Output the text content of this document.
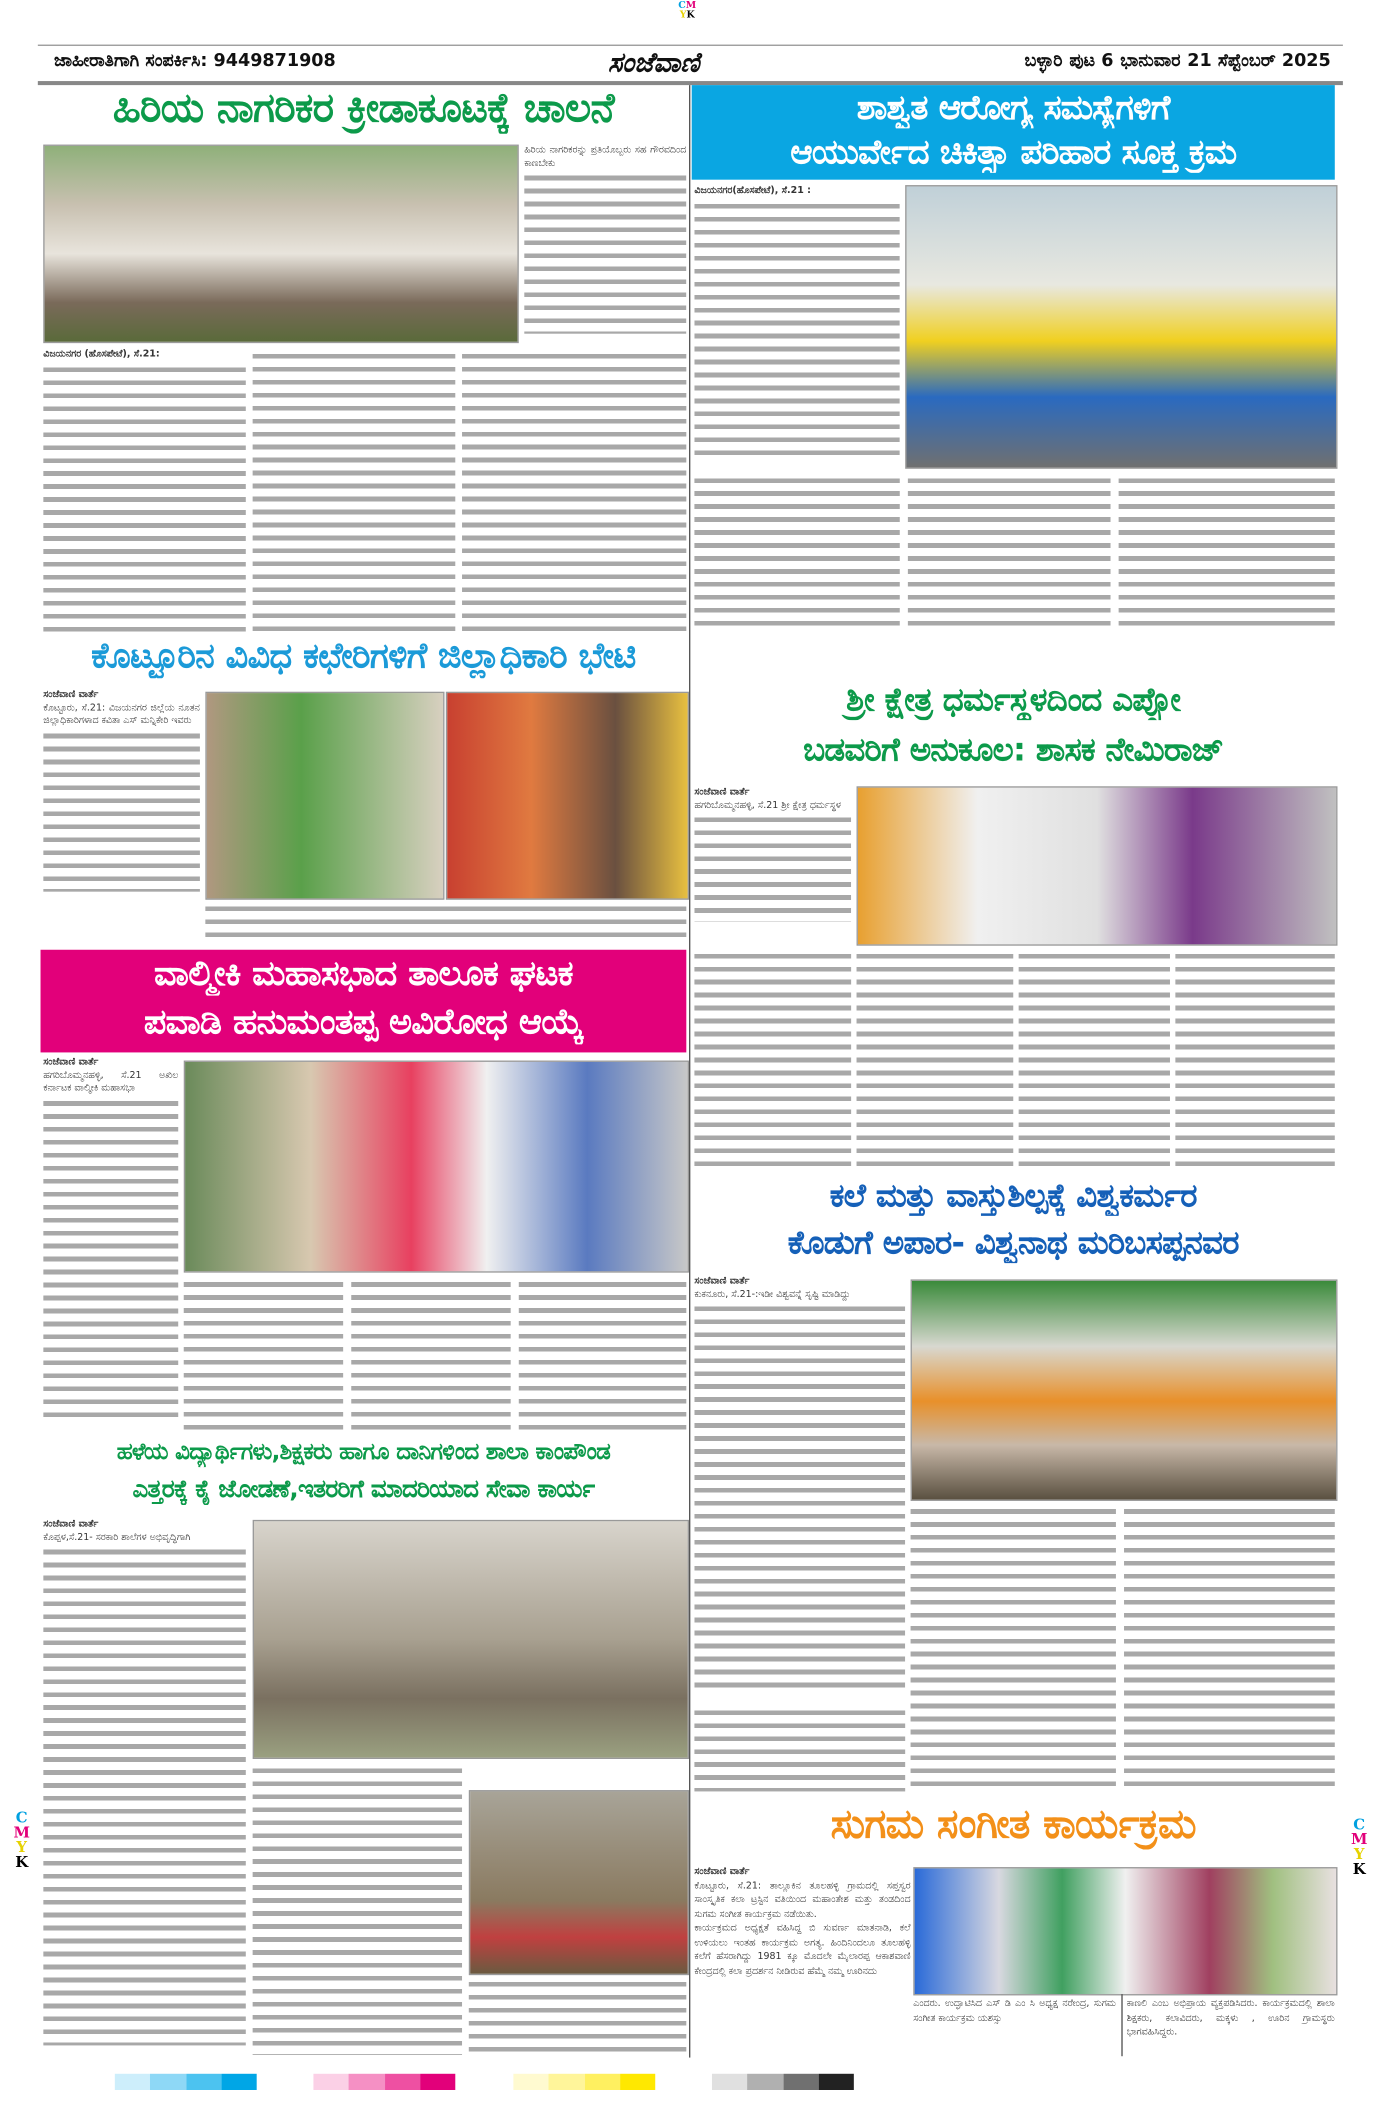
CM
YK
C
M
Y
K
C
M
Y
K
ಜಾಹೀರಾತಿಗಾಗಿ ಸಂಪರ್ಕಿಸಿ: 9449871908	ಸಂಜೆವಾಣಿ	ಬಳ್ಳಾರಿ ಪುಟ 6 ಭಾನುವಾರ 21 ಸೆಪ್ಟೆಂಬರ್ 2025
ಹಿರಿಯ ನಾಗರಿಕರ ಕ್ರೀಡಾಕೂಟಕ್ಕೆ ಚಾಲನೆ
ಹಿರಿಯ ನಾಗರಿಕರನ್ನು ಪ್ರತಿಯೊಬ್ಬರು ಸಹ ಗೌರವದಿಂದ ಕಾಣಬೇಕು
ವಿಜಯನಗರ (ಹೊಸಪೇಟೆ), ಸೆ.21:
ಕೊಟ್ಟೂರಿನ ವಿವಿಧ ಕಛೇರಿಗಳಿಗೆ ಜಿಲ್ಲಾಧಿಕಾರಿ ಭೇಟಿ
ಸಂಜೆವಾಣಿ ವಾರ್ತೆ
ಕೊಟ್ಟೂರು, ಸೆ.21: ವಿಜಯನಗರ ಜಿಲ್ಲೆಯ ನೂತನ ಜಿಲ್ಲಾಧಿಕಾರಿಗಳಾದ ಕವಿತಾ ಎಸ್ ಮನ್ನಿಕೇರಿ ಇವರು
ವಾಲ್ಮೀಕಿ ಮಹಾಸಭಾದ ತಾಲೂಕ ಘಟಕ
ಪವಾಡಿ ಹನುಮಂತಪ್ಪ ಅವಿರೋಧ ಆಯ್ಕೆ
ಸಂಜೆವಾಣಿ ವಾರ್ತೆ
ಹಗರಿಬೊಮ್ಮನಹಳ್ಳಿ, ಸೆ.21 ಅಖಿಲ ಕರ್ನಾಟಕ ವಾಲ್ಮೀಕಿ ಮಹಾಸಭಾ
ಹಳೆಯ ವಿದ್ಯಾರ್ಥಿಗಳು,ಶಿಕ್ಷಕರು ಹಾಗೂ ದಾನಿಗಳಿಂದ ಶಾಲಾ ಕಾಂಪೌಂಡ
ಎತ್ತರಕ್ಕೆ ಕೈ ಜೋಡಣೆ,ಇತರರಿಗೆ ಮಾದರಿಯಾದ ಸೇವಾ ಕಾರ್ಯ
ಸಂಜೆವಾಣಿ ವಾರ್ತೆ
ಕೊಪ್ಪಳ,ಸೆ.21- ಸರಕಾರಿ ಶಾಲೆಗಳ ಅಭಿವೃದ್ಧಿಗಾಗಿ
ಶಾಶ್ವತ ಆರೋಗ್ಯ ಸಮಸ್ಯೆಗಳಿಗೆ
ಆಯುರ್ವೇದ ಚಿಕಿತ್ಸಾ ಪರಿಹಾರ ಸೂಕ್ತ ಕ್ರಮ
ವಿಜಯನಗರ(ಹೊಸಪೇಟೆ), ಸೆ.21 :
ಶ್ರೀ ಕ್ಷೇತ್ರ ಧರ್ಮಸ್ಥಳದಿಂದ ಎಪ್ಸೋ
ಬಡವರಿಗೆ ಅನುಕೂಲ: ಶಾಸಕ ನೇಮಿರಾಜ್
ಸಂಜೆವಾಣಿ ವಾರ್ತೆ
ಹಗರಿಬೊಮ್ಮನಹಳ್ಳಿ, ಸೆ.21 ಶ್ರೀ ಕ್ಷೇತ್ರ ಧರ್ಮಸ್ಥಳ
ಕಲೆ ಮತ್ತು ವಾಸ್ತುಶಿಲ್ಪಕ್ಕೆ ವಿಶ್ವಕರ್ಮರ
ಕೊಡುಗೆ ಅಪಾರ- ವಿಶ್ವನಾಥ ಮರಿಬಸಪ್ಪನವರ
ಸಂಜೆವಾಣಿ ವಾರ್ತೆ
ಕುಕನೂರು, ಸೆ.21-:ಇಡೀ ವಿಶ್ವವನ್ನೆ ಸೃಷ್ಟಿ ಮಾಡಿದ್ದು
ಸುಗಮ ಸಂಗೀತ ಕಾರ್ಯಕ್ರಮ
ಸಂಜೆವಾಣಿ ವಾರ್ತೆ
ಕೊಟ್ಟೂರು, ಸೆ.21: ತಾಲ್ಲೂಕಿನ ತೂಲಹಳ್ಳಿ ಗ್ರಾಮದಲ್ಲಿ ಸಪ್ತಸ್ವರ ಸಾಂಸ್ಕೃತಿಕ ಕಲಾ ಟ್ರಸ್ಟಿನ ವತಿಯಿಂದ ಮಹಾಂತೇಶ ಮತ್ತು ತಂಡದಿಂದ ಸುಗಮ ಸಂಗೀತ ಕಾರ್ಯಕ್ರಮ ನಡೆಯಿತು.
ಕಾರ್ಯಕ್ರಮದ ಅಧ್ಯಕ್ಷತೆ ವಹಿಸಿದ್ದ ಬಿ ಸುವರ್ಣ ಮಾತನಾಡಿ, ಕಲೆ ಉಳಿಯಲು ಇಂತಹ ಕಾರ್ಯಕ್ರಮ ಅಗತ್ಯ. ಹಿಂದಿನಿಂದಲೂ ತೂಲಹಳ್ಳಿ ಕಲೆಗೆ ಹೆಸರಾಗಿದ್ದು 1981 ಕ್ಕೂ ಮೊದಲೇ ಮೈಲಾರಪ್ಪ ಆಕಾಶವಾಣಿ ಕೇಂದ್ರದಲ್ಲಿ ಕಲಾ ಪ್ರದರ್ಶನ ನೀಡಿರುವ ಹೆಮ್ಮೆ ನಮ್ಮ ಊರಿನದು
ಎಂದರು. ಉದ್ಘಾಟಿಸಿದ ಎಸ್ ಡಿ ಎಂ ಸಿ ಅಧ್ಯಕ್ಷ ನರೇಂದ್ರ, ಸುಗಮ ಸಂಗೀತ ಕಾರ್ಯಕ್ರಮ ಯಶಸ್ಸು
ಕಾಣಲಿ ಎಂಬ ಅಭಿಪ್ರಾಯ ವ್ಯಕ್ತಪಡಿಸಿದರು. ಕಾರ್ಯಕ್ರಮದಲ್ಲಿ ಶಾಲಾ ಶಿಕ್ಷಕರು, ಕಲಾವಿದರು, ಮಕ್ಕಳು , ಊರಿನ ಗ್ರಾಮಸ್ಥರು ಭಾಗವಹಿಸಿದ್ದರು.
